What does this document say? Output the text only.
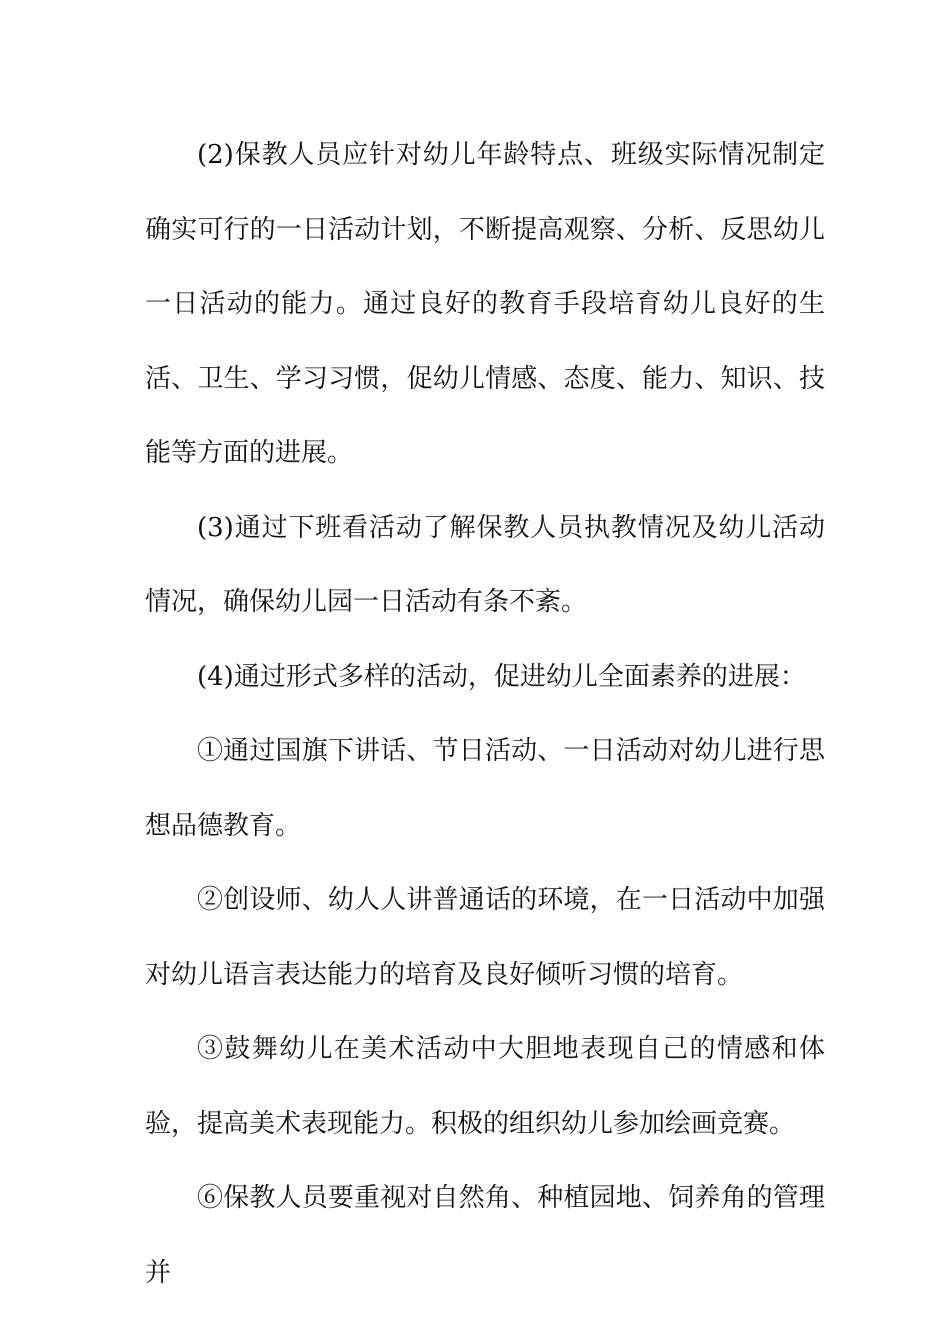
(2)保教人员应针对幼儿年龄特点、班级实际情况制定确实可行的一日活动计划，不断提高观察、分析、反思幼儿一日活动的能力。通过良好的教育手段培育幼儿良好的生活、卫生、学习习惯，促幼儿情感、态度、能力、知识、技能等方面的进展。

(3)通过下班看活动了解保教人员执教情况及幼儿活动情况，确保幼儿园一日活动有条不紊。

(4)通过形式多样的活动，促进幼儿全面素养的进展：

①通过国旗下讲话、节日活动、一日活动对幼儿进行思想品德教育。

②创设师、幼人人讲普通话的环境，在一日活动中加强对幼儿语言表达能力的培育及良好倾听习惯的培育。

③鼓舞幼儿在美术活动中大胆地表现自己的情感和体验，提高美术表现能力。积极的组织幼儿参加绘画竞赛。

⑥保教人员要重视对自然角、种植园地、饲养角的管理并
